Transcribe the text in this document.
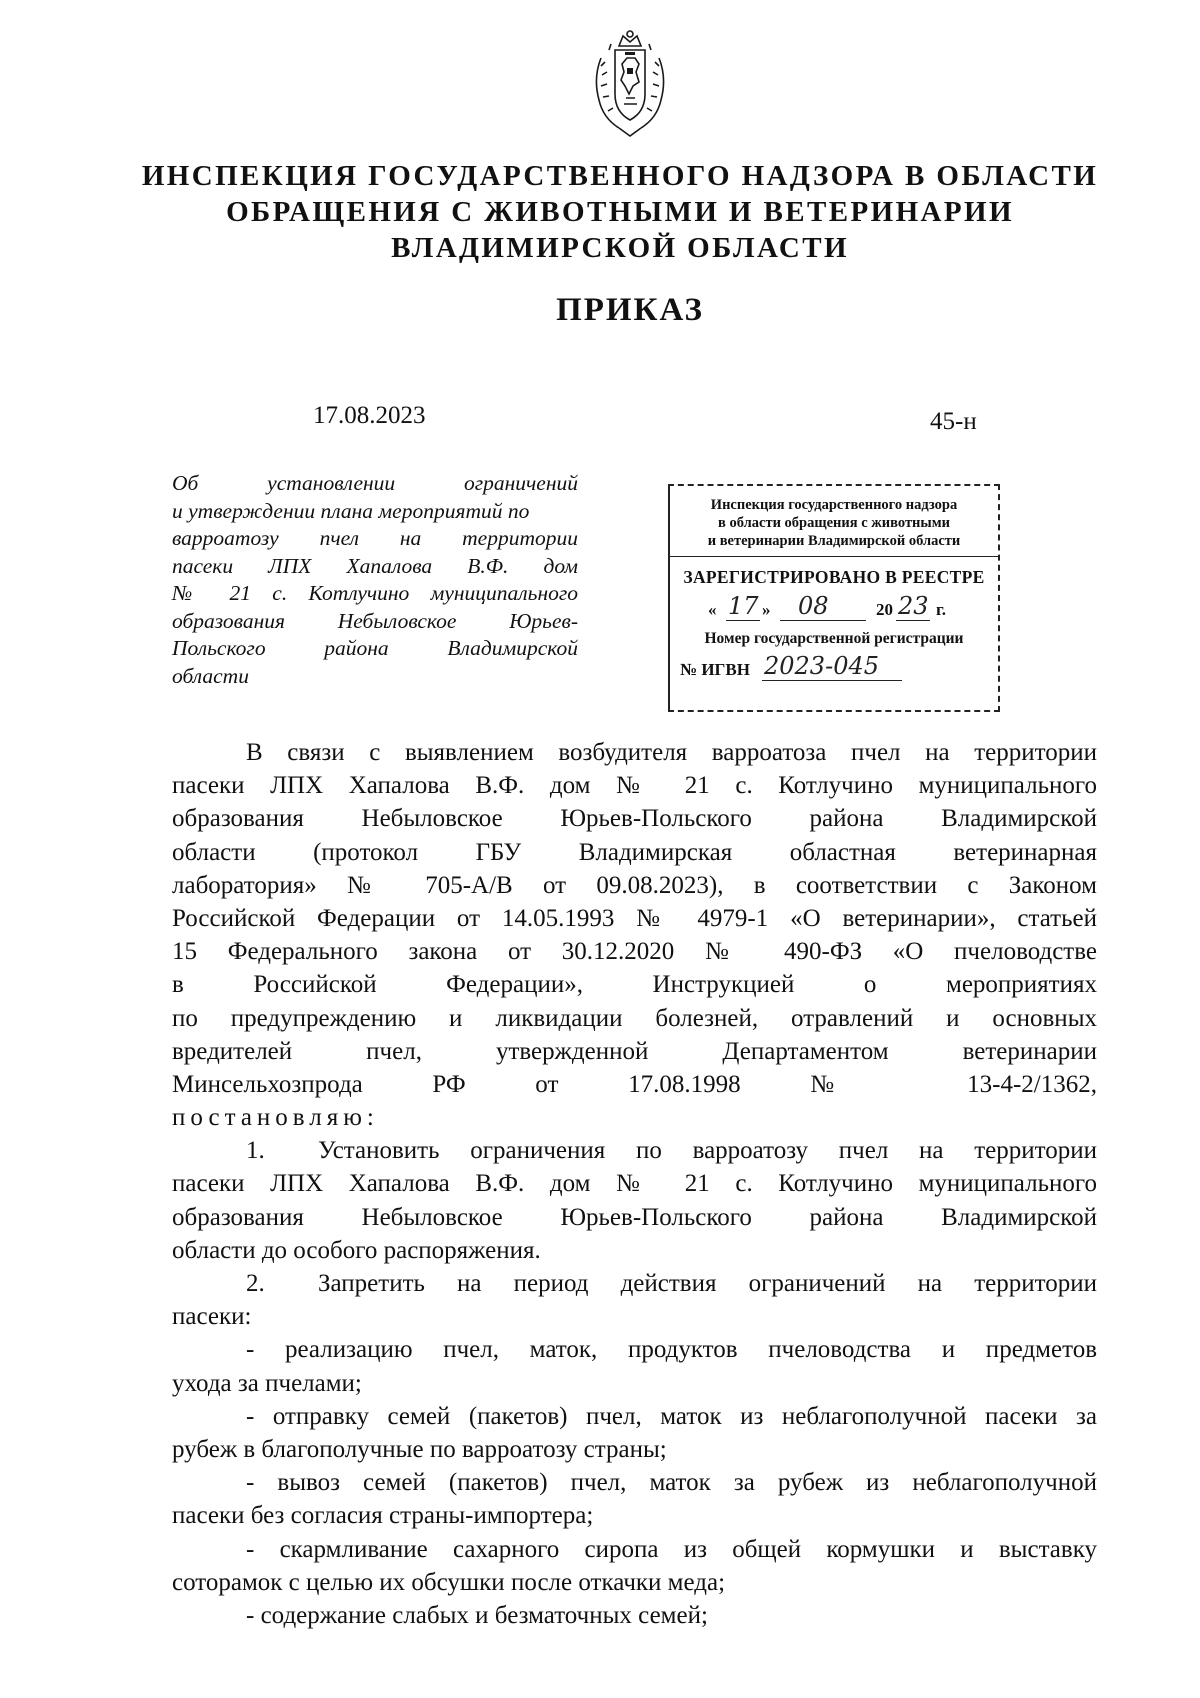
ИНСПЕКЦИЯ ГОСУДАРСТВЕННОГО НАДЗОРА В ОБЛАСТИ
ОБРАЩЕНИЯ С ЖИВОТНЫМИ И ВЕТЕРИНАРИИ
ВЛАДИМИРСКОЙ ОБЛАСТИ
ПРИКАЗ
17.08.2023	45-н
Об установлении ограничений
и утверждении плана мероприятий по
варроатозу пчел на территории
пасеки ЛПХ Хапалова В.Ф. дом
№ 21 с. Котлучино муниципального
образования Небыловское Юрьев-
Польского района Владимирской
области
Инспекция государственного надзора
в области обращения с животными
и ветеринарии Владимирской области
ЗАРЕГИСТРИРОВАНО В РЕЕСТРЕ
« 17 » 08	20 23 г.
Номер государственной регистрации
№ ИГВН 2023-045
В связи с выявлением возбудителя варроатоза пчел на территории
пасеки ЛПХ Хапалова В.Ф. дом № 21 с. Котлучино муниципального
образования Небыловское Юрьев-Польского района Владимирской
области (протокол ГБУ Владимирская областная ветеринарная
лаборатория» № 705-А/В от 09.08.2023), в соответствии с Законом
Российской Федерации от 14.05.1993 № 4979-1 «О ветеринарии», статьей
15 Федерального закона от 30.12.2020 № 490-ФЗ «О пчеловодстве
в Российской Федерации», Инструкцией о мероприятиях
по предупреждению и ликвидации болезней, отравлений и основных
вредителей пчел, утвержденной Департаментом ветеринарии
Минсельхозпрода РФ от 17.08.1998 № 13-4-2/1362,
постановляю:
1.	Установить ограничения по варроатозу пчел на территории
пасеки ЛПХ Хапалова В.Ф. дом № 21 с. Котлучино муниципального
образования Небыловское Юрьев-Польского района Владимирской
области до особого распоряжения.
2.	Запретить на период действия ограничений на территории
пасеки:
- реализацию пчел, маток, продуктов пчеловодства и предметов
ухода за пчелами;
- отправку семей (пакетов) пчел, маток из неблагополучной пасеки за
рубеж в благополучные по варроатозу страны;
- вывоз семей (пакетов) пчел, маток за рубеж из неблагополучной
пасеки без согласия страны-импортера;
- скармливание сахарного сиропа из общей кормушки и выставку
соторамок с целью их обсушки после откачки меда;
- содержание слабых и безматочных семей;
